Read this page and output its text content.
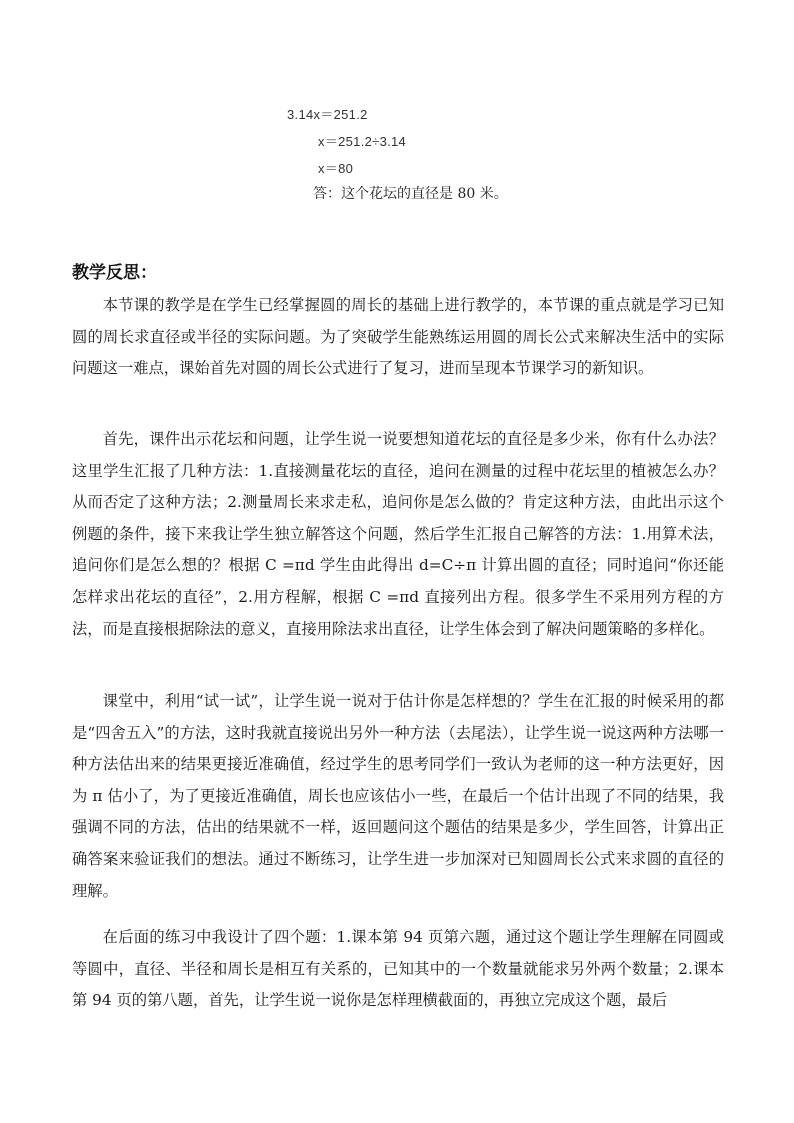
3.14x＝251.2
x＝251.2÷3.14
x＝80
答：这个花坛的直径是 80 米。
教学反思：

本节课的教学是在学生已经掌握圆的周长的基础上进行教学的，本节课的重点就是学习已知圆的周长求直径或半径的实际问题。为了突破学生能熟练运用圆的周长公式来解决生活中的实际问题这一难点，课始首先对圆的周长公式进行了复习，进而呈现本节课学习的新知识。

首先，课件出示花坛和问题，让学生说一说要想知道花坛的直径是多少米，你有什么办法？这里学生汇报了几种方法：1.直接测量花坛的直径，追问在测量的过程中花坛里的植被怎么办？从而否定了这种方法；2.测量周长来求走私，追问你是怎么做的？肯定这种方法，由此出示这个例题的条件，接下来我让学生独立解答这个问题，然后学生汇报自己解答的方法：1.用算术法，追问你们是怎么想的？根据 C =πd 学生由此得出 d=C÷π 计算出圆的直径；同时追问“你还能怎样求出花坛的直径”，2.用方程解，根据 C =πd 直接列出方程。很多学生不采用列方程的方法，而是直接根据除法的意义，直接用除法求出直径，让学生体会到了解决问题策略的多样化。

课堂中，利用“试一试”，让学生说一说对于估计你是怎样想的？学生在汇报的时候采用的都是“四舍五入”的方法，这时我就直接说出另外一种方法（去尾法），让学生说一说这两种方法哪一种方法估出来的结果更接近准确值，经过学生的思考同学们一致认为老师的这一种方法更好，因为 π 估小了，为了更接近准确值，周长也应该估小一些，在最后一个估计出现了不同的结果，我强调不同的方法，估出的结果就不一样，返回题问这个题估的结果是多少，学生回答，计算出正确答案来验证我们的想法。通过不断练习，让学生进一步加深对已知圆周长公式来求圆的直径的理解。

在后面的练习中我设计了四个题：1.课本第 94 页第六题，通过这个题让学生理解在同圆或等圆中，直径、半径和周长是相互有关系的，已知其中的一个数量就能求另外两个数量；2.课本第 94 页的第八题，首先，让学生说一说你是怎样理横截面的，再独立完成这个题，最后
